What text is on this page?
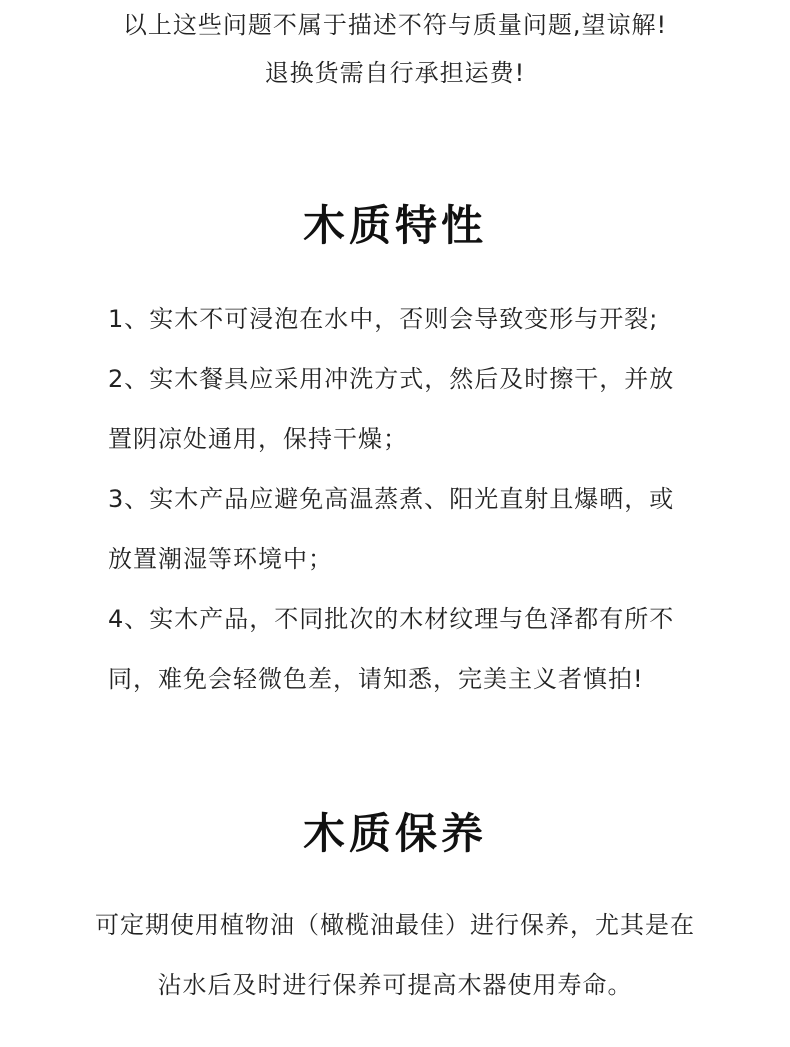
以上这些问题不属于描述不符与质量问题,望谅解!
退换货需自行承担运费!
木质特性
1、实木不可浸泡在水中，否则会导致变形与开裂;
2、实木餐具应采用冲洗方式，然后及时擦干，并放
置阴凉处通用，保持干燥；
3、实木产品应避免高温蒸煮、阳光直射且爆晒，或
放置潮湿等环境中；
4、实木产品，不同批次的木材纹理与色泽都有所不
同，难免会轻微色差，请知悉，完美主义者慎拍!
木质保养
可定期使用植物油（橄榄油最佳）进行保养，尤其是在
沾水后及时进行保养可提高木器使用寿命。
